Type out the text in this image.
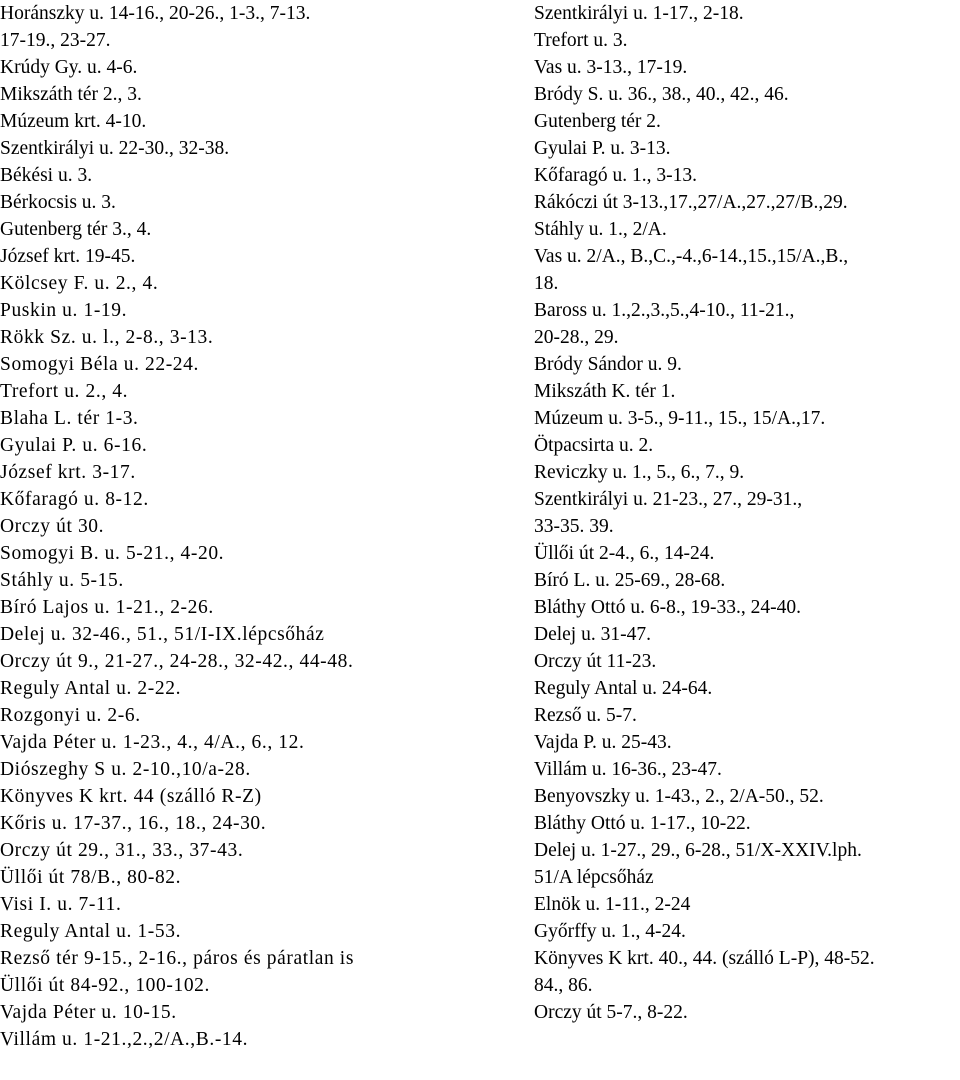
Horánszky u. 14-16., 20-26., 1-3., 7-13.
17-19., 23-27.
Krúdy Gy. u. 4-6.
Mikszáth tér 2., 3.
Múzeum krt. 4-10.
Szentkirályi u. 22-30., 32-38.
Békési u. 3.
Bérkocsis u. 3.
Gutenberg tér 3., 4.
József krt. 19-45.
Kölcsey F. u. 2., 4.
Puskin u. 1-19.
Rökk Sz. u. l., 2-8., 3-13.
Somogyi Béla u. 22-24.
Trefort u. 2., 4.
Blaha L. tér 1-3.
Gyulai P. u. 6-16.
József krt. 3-17.
Kőfaragó u. 8-12.
Orczy út 30.
Somogyi B. u. 5-21., 4-20.
Stáhly u. 5-15.
Bíró Lajos u. 1-21., 2-26.
Delej u. 32-46., 51., 51/I-IX.lépcsőház
Orczy út 9., 21-27., 24-28., 32-42., 44-48.
Reguly Antal u. 2-22.
Rozgonyi u. 2-6.
Vajda Péter u. 1-23., 4., 4/A., 6., 12.
Diószeghy S u. 2-10.,10/a-28.
Könyves K krt. 44 (szálló R-Z)
Kőris u. 17-37., 16., 18., 24-30.
Orczy út 29., 31., 33., 37-43.
Üllői út 78/B., 80-82.
Visi I. u. 7-11.
Reguly Antal u. 1-53.
Rezső tér 9-15., 2-16., páros és páratlan is
Üllői út 84-92., 100-102.
Vajda Péter u. 10-15.
Villám u. 1-21.,2.,2/A.,B.-14.
Szentkirályi u. 1-17., 2-18.
Trefort u. 3.
Vas u. 3-13., 17-19.
Bródy S. u. 36., 38., 40., 42., 46.
Gutenberg tér 2.
Gyulai P. u. 3-13.
Kőfaragó u. 1., 3-13.
Rákóczi út 3-13.,17.,27/A.,27.,27/B.,29.
Stáhly u. 1., 2/A.
Vas u. 2/A., B.,C.,-4.,6-14.,15.,15/A.,B.,
18.
Baross u. 1.,2.,3.,5.,4-10., 11-21.,
20-28., 29.
Bródy Sándor u. 9.
Mikszáth K. tér 1.
Múzeum u. 3-5., 9-11., 15., 15/A.,17.
Ötpacsirta u. 2.
Reviczky u. 1., 5., 6., 7., 9.
Szentkirályi u. 21-23., 27., 29-31.,
33-35. 39.
Üllői út 2-4., 6., 14-24.
Bíró L. u. 25-69., 28-68.
Bláthy Ottó u. 6-8., 19-33., 24-40.
Delej u. 31-47.
Orczy út 11-23.
Reguly Antal u. 24-64.
Rezső u. 5-7.
Vajda P. u. 25-43.
Villám u. 16-36., 23-47.
Benyovszky u. 1-43., 2., 2/A-50., 52.
Bláthy Ottó u. 1-17., 10-22.
Delej u. 1-27., 29., 6-28., 51/X-XXIV.lph.
51/A lépcsőház
Elnök u. 1-11., 2-24
Győrffy u. 1., 4-24.
Könyves K krt. 40., 44. (szálló L-P), 48-52.
84., 86.
Orczy út 5-7., 8-22.
